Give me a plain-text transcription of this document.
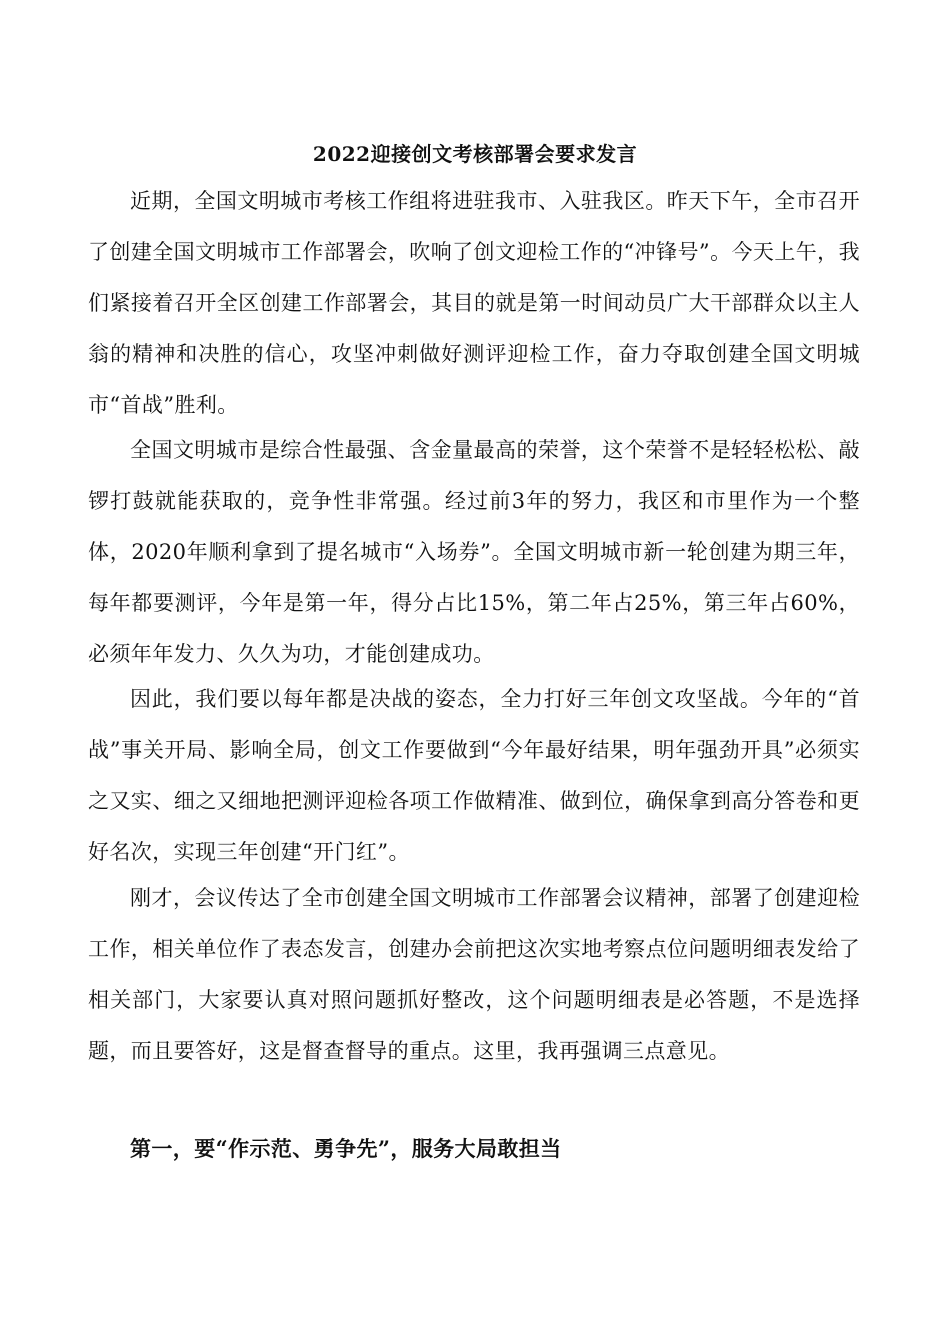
2022迎接创文考核部署会要求发言

近期，全国文明城市考核工作组将进驻我市、入驻我区。昨天下午，全市召开了创建全国文明城市工作部署会，吹响了创文迎检工作的“冲锋号”。今天上午，我们紧接着召开全区创建工作部署会，其目的就是第一时间动员广大干部群众以主人翁的精神和决胜的信心，攻坚冲刺做好测评迎检工作，奋力夺取创建全国文明城市“首战”胜利。

全国文明城市是综合性最强、含金量最高的荣誉，这个荣誉不是轻轻松松、敲锣打鼓就能获取的，竞争性非常强。经过前3年的努力，我区和市里作为一个整体，2020年顺利拿到了提名城市“入场券”。全国文明城市新一轮创建为期三年，每年都要测评，今年是第一年，得分占比15%，第二年占25%，第三年占60%，必须年年发力、久久为功，才能创建成功。

因此，我们要以每年都是决战的姿态，全力打好三年创文攻坚战。今年的“首战”事关开局、影响全局，创文工作要做到“今年最好结果，明年强劲开具”必须实之又实、细之又细地把测评迎检各项工作做精准、做到位，确保拿到高分答卷和更好名次，实现三年创建“开门红”。

刚才，会议传达了全市创建全国文明城市工作部署会议精神，部署了创建迎检工作，相关单位作了表态发言，创建办会前把这次实地考察点位问题明细表发给了相关部门，大家要认真对照问题抓好整改，这个问题明细表是必答题，不是选择题，而且要答好，这是督查督导的重点。这里，我再强调三点意见。

第一，要“作示范、勇争先”，服务大局敢担当
